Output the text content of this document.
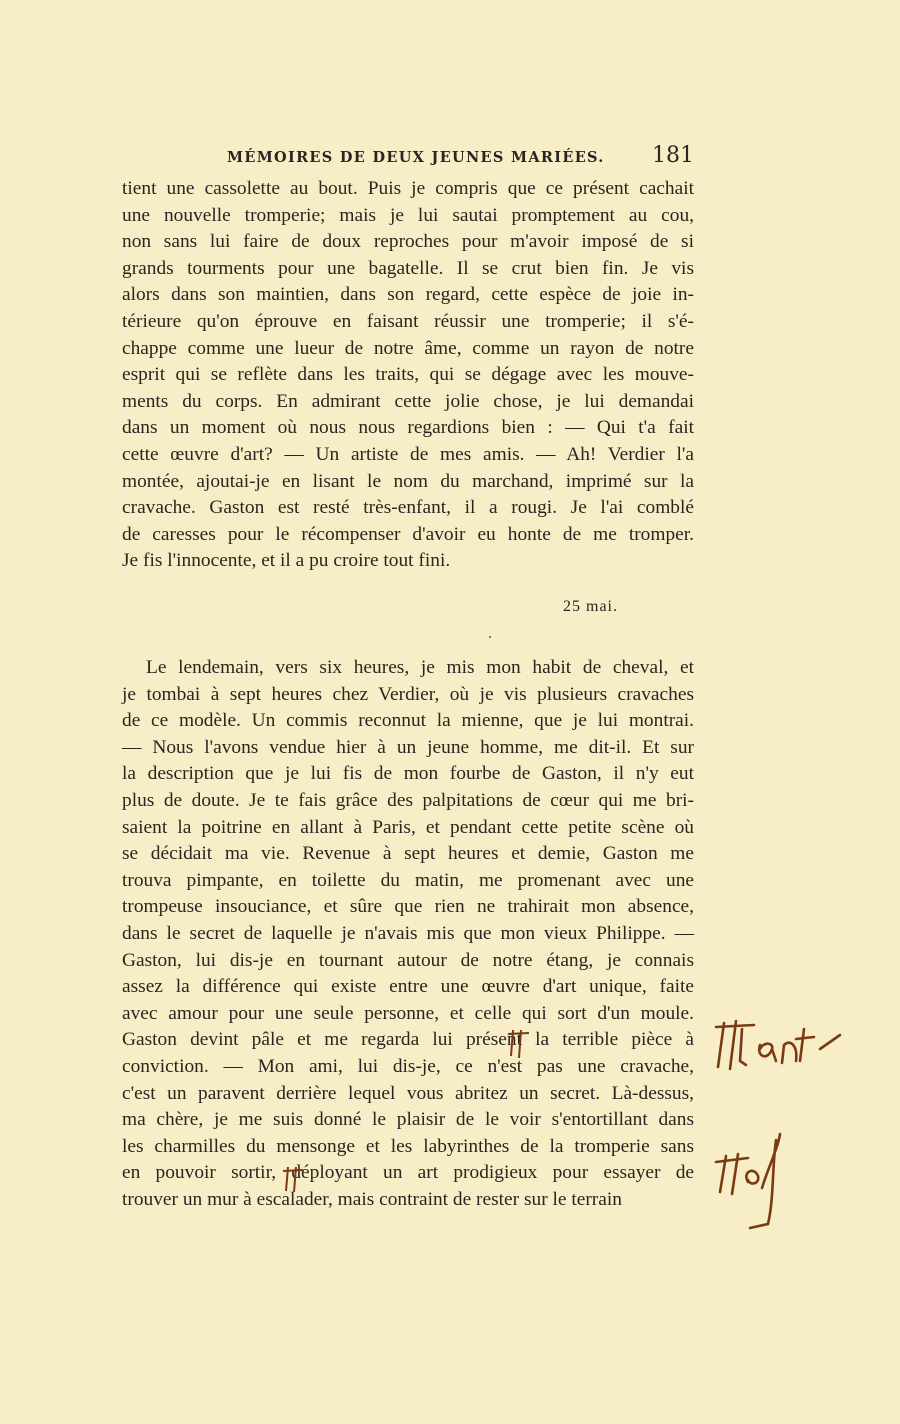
MÉMOIRES DE DEUX JEUNES MARIÉES. 181
tient une cassolette au bout. Puis je compris que ce présent cachait
une nouvelle tromperie; mais je lui sautai promptement au cou,
non sans lui faire de doux reproches pour m'avoir imposé de si
grands tourments pour une bagatelle. Il se crut bien fin. Je vis
alors dans son maintien, dans son regard, cette espèce de joie in-
térieure qu'on éprouve en faisant réussir une tromperie; il s'é-
chappe comme une lueur de notre âme, comme un rayon de notre
esprit qui se reflète dans les traits, qui se dégage avec les mouve-
ments du corps. En admirant cette jolie chose, je lui demandai
dans un moment où nous nous regardions bien : — Qui t'a fait
cette œuvre d'art? — Un artiste de mes amis. — Ah! Verdier l'a
montée, ajoutai-je en lisant le nom du marchand, imprimé sur la
cravache. Gaston est resté très-enfant, il a rougi. Je l'ai comblé
de caresses pour le récompenser d'avoir eu honte de me tromper.
Je fis l'innocente, et il a pu croire tout fini.
25 mai.
Le lendemain, vers six heures, je mis mon habit de cheval, et
je tombai à sept heures chez Verdier, où je vis plusieurs cravaches
de ce modèle. Un commis reconnut la mienne, que je lui montrai.
— Nous l'avons vendue hier à un jeune homme, me dit-il. Et sur
la description que je lui fis de mon fourbe de Gaston, il n'y eut
plus de doute. Je te fais grâce des palpitations de cœur qui me bri-
saient la poitrine en allant à Paris, et pendant cette petite scène où
se décidait ma vie. Revenue à sept heures et demie, Gaston me
trouva pimpante, en toilette du matin, me promenant avec une
trompeuse insouciance, et sûre que rien ne trahirait mon absence,
dans le secret de laquelle je n'avais mis que mon vieux Philippe. —
Gaston, lui dis-je en tournant autour de notre étang, je connais
assez la différence qui existe entre une œuvre d'art unique, faite
avec amour pour une seule personne, et celle qui sort d'un moule.
Gaston devint pâle et me regarda lui présent la terrible pièce à
conviction. — Mon ami, lui dis-je, ce n'est pas une cravache,
c'est un paravent derrière lequel vous abritez un secret. Là-dessus,
ma chère, je me suis donné le plaisir de le voir s'entortillant dans
les charmilles du mensonge et les labyrinthes de la tromperie sans
en pouvoir sortir, déployant un art prodigieux pour essayer de
trouver un mur à escalader, mais contraint de rester sur le terrain
tant
en
